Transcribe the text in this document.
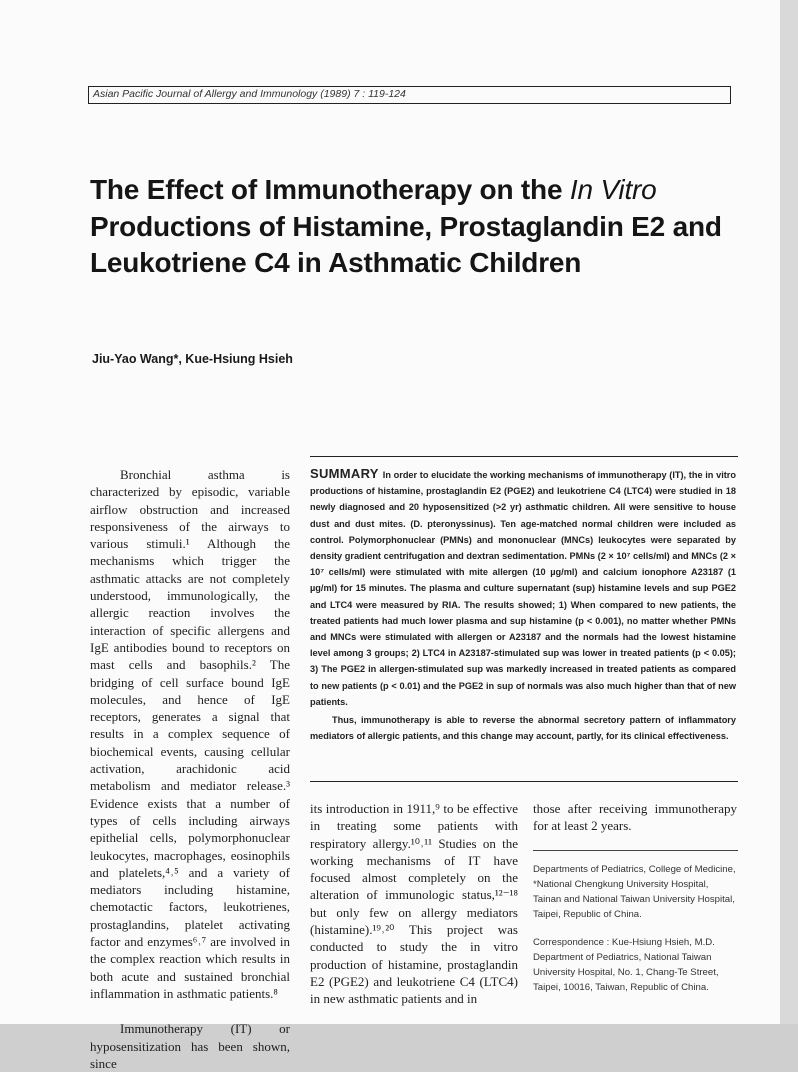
Asian Pacific Journal of Allergy and Immunology (1989) 7 : 119-124
The Effect of Immunotherapy on the In Vitro Productions of Histamine, Prostaglandin E2 and Leukotriene C4 in Asthmatic Children
Jiu-Yao Wang*, Kue-Hsiung Hsieh

SUMMARY In order to elucidate the working mechanisms of immunotherapy (IT), the in vitro productions of histamine, prostaglandin E2 (PGE2) and leukotriene C4 (LTC4) were studied in 18 newly diagnosed and 20 hyposensitized (>2 yr) asthmatic children. All were sensitive to house dust and dust mites. (D. pteronyssinus). Ten age-matched normal children were included as control. Polymorphonuclear (PMNs) and mononuclear (MNCs) leukocytes were separated by density gradient centrifugation and dextran sedimentation. PMNs (2 × 10⁷ cells/ml) and MNCs (2 × 10⁷ cells/ml) were stimulated with mite allergen (10 µg/ml) and calcium ionophore A23187 (1 µg/ml) for 15 minutes. The plasma and culture supernatant (sup) histamine levels and sup PGE2 and LTC4 were measured by RIA. The results showed; 1) When compared to new patients, the treated patients had much lower plasma and sup histamine (p < 0.001), no matter whether PMNs and MNCs were stimulated with allergen or A23187 and the normals had the lowest histamine level among 3 groups; 2) LTC4 in A23187-stimulated sup was lower in treated patients (p < 0.05); 3) The PGE2 in allergen-stimulated sup was markedly increased in treated patients as compared to new patients (p < 0.01) and the PGE2 in sup of normals was also much higher than that of new patients.

Thus, immunotherapy is able to reverse the abnormal secretory pattern of inflammatory mediators of allergic patients, and this change may account, partly, for its clinical effectiveness.

Bronchial asthma is characterized by episodic, variable airflow obstruction and increased responsiveness of the airways to various stimuli.¹ Although the mechanisms which trigger the asthmatic attacks are not completely understood, immunologically, the allergic reaction involves the interaction of specific allergens and IgE antibodies bound to receptors on mast cells and basophils.² The bridging of cell surface bound IgE molecules, and hence of IgE receptors, generates a signal that results in a complex sequence of biochemical events, causing cellular activation, arachidonic acid metabolism and mediator release.³ Evidence exists that a number of types of cells including airways epithelial cells, polymorphonuclear leukocytes, macrophages, eosinophils and platelets,⁴˒⁵ and a variety of mediators including histamine, chemotactic factors, leukotrienes, prostaglandins, platelet activating factor and enzymes⁶˒⁷ are involved in the complex reaction which results in both acute and sustained bronchial inflammation in asthmatic patients.⁸

Immunotherapy (IT) or hyposensitization has been shown, since

its introduction in 1911,⁹ to be effective in treating some patients with respiratory allergy.¹⁰˒¹¹ Studies on the working mechanisms of IT have focused almost completely on the alteration of immunologic status,¹²⁻¹⁸ but only few on allergy mediators (histamine).¹⁹˒²⁰ This project was conducted to study the in vitro production of histamine, prostaglandin E2 (PGE2) and leukotriene C4 (LTC4) in new asthmatic patients and in

those after receiving immunotherapy for at least 2 years.

Departments of Pediatrics, College of Medicine, *National Chengkung University Hospital, Tainan and National Taiwan University Hospital, Taipei, Republic of China.

Correspondence : Kue-Hsiung Hsieh, M.D. Department of Pediatrics, National Taiwan University Hospital, No. 1, Chang-Te Street, Taipei, 10016, Taiwan, Republic of China.
